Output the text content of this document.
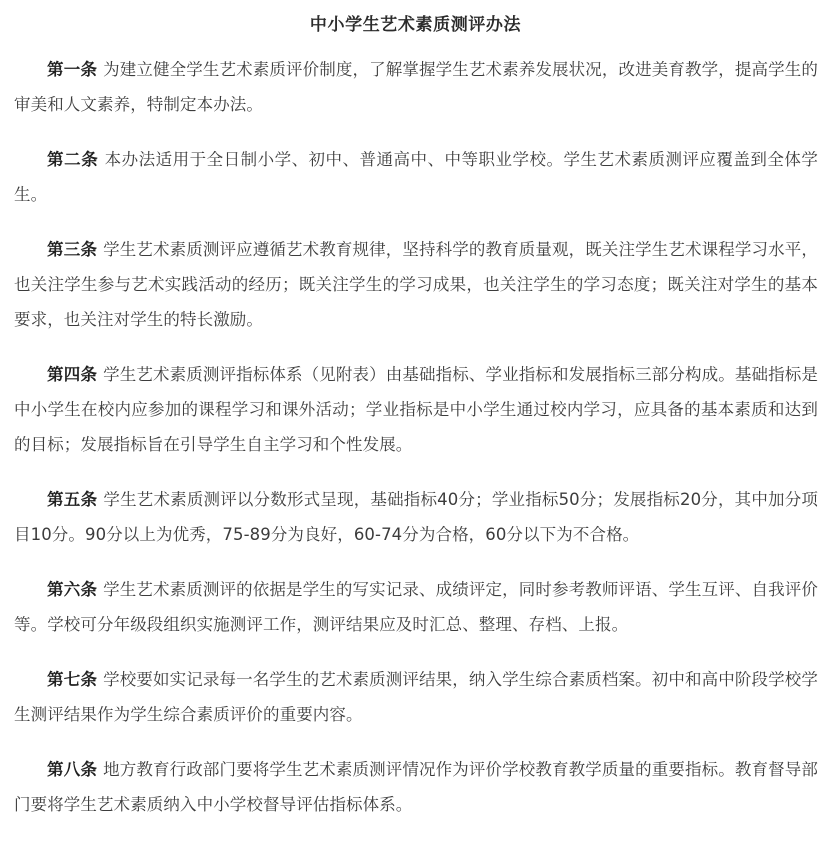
中小学生艺术素质测评办法

第一条 为建立健全学生艺术素质评价制度，了解掌握学生艺术素养发展状况，改进美育教学，提高学生的审美和人文素养，特制定本办法。

第二条 本办法适用于全日制小学、初中、普通高中、中等职业学校。学生艺术素质测评应覆盖到全体学生。

第三条 学生艺术素质测评应遵循艺术教育规律，坚持科学的教育质量观，既关注学生艺术课程学习水平，也关注学生参与艺术实践活动的经历；既关注学生的学习成果，也关注学生的学习态度；既关注对学生的基本要求，也关注对学生的特长激励。

第四条 学生艺术素质测评指标体系（见附表）由基础指标、学业指标和发展指标三部分构成。基础指标是中小学生在校内应参加的课程学习和课外活动；学业指标是中小学生通过校内学习，应具备的基本素质和达到的目标；发展指标旨在引导学生自主学习和个性发展。

第五条 学生艺术素质测评以分数形式呈现，基础指标40分；学业指标50分；发展指标20分，其中加分项目10分。90分以上为优秀，75-89分为良好，60-74分为合格，60分以下为不合格。

第六条 学生艺术素质测评的依据是学生的写实记录、成绩评定，同时参考教师评语、学生互评、自我评价等。学校可分年级段组织实施测评工作，测评结果应及时汇总、整理、存档、上报。

第七条 学校要如实记录每一名学生的艺术素质测评结果，纳入学生综合素质档案。初中和高中阶段学校学生测评结果作为学生综合素质评价的重要内容。

第八条 地方教育行政部门要将学生艺术素质测评情况作为评价学校教育教学质量的重要指标。教育督导部门要将学生艺术素质纳入中小学校督导评估指标体系。
